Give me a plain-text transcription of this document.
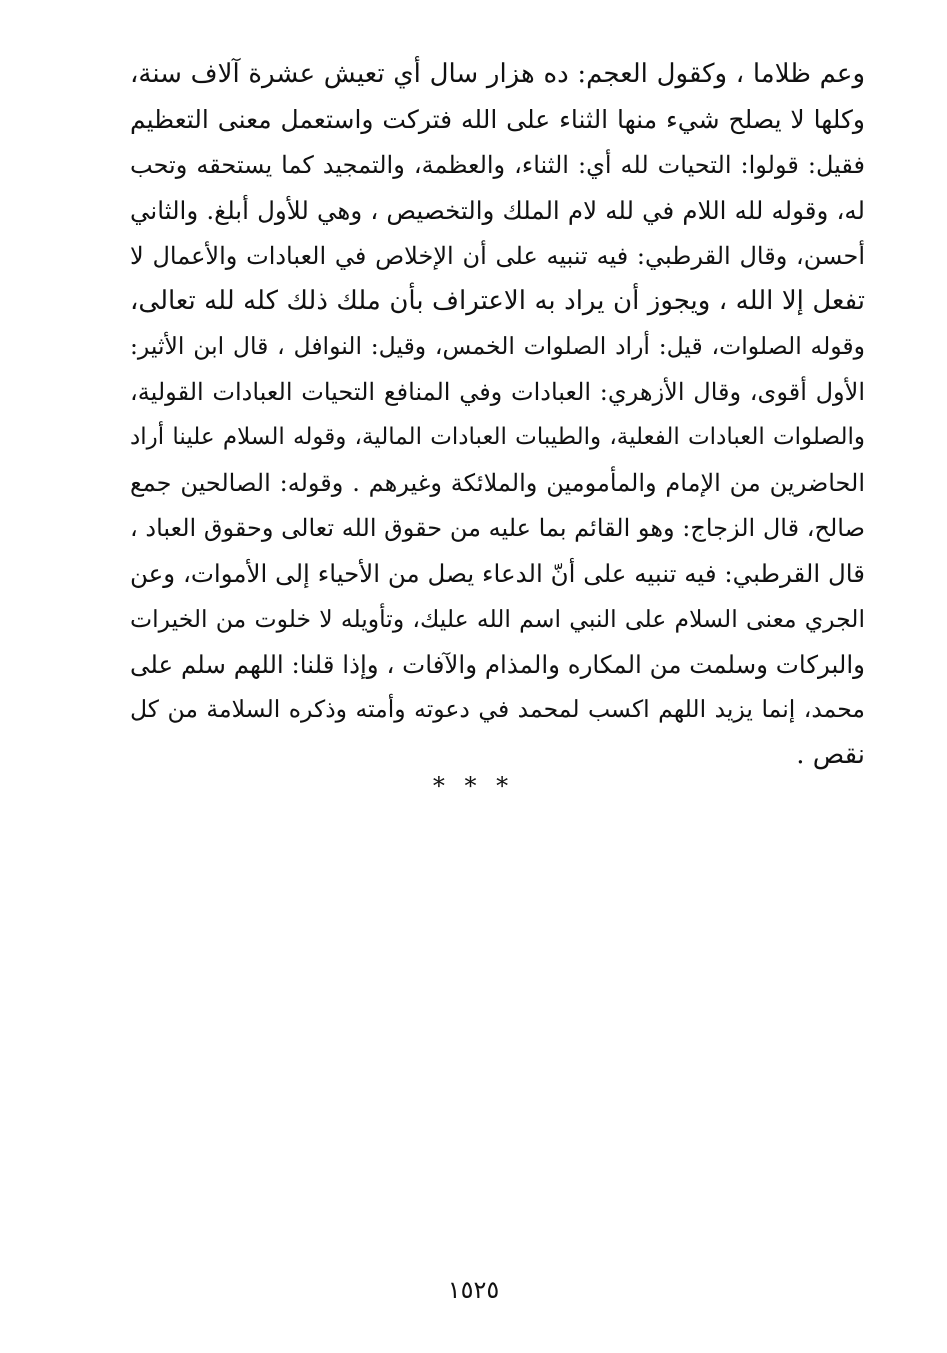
وعم ظلاما ، وكقول العجم: ده هزار سال أي تعيش عشرة آلاف سنة،
وكلها لا يصلح شيء منها الثناء على الله فتركت واستعمل معنى التعظيم
فقيل: قولوا: التحيات لله أي: الثناء، والعظمة، والتمجيد كما يستحقه وتحب
له، وقوله لله اللام في لله لام الملك والتخصيص ، وهي للأول أبلغ. والثاني
أحسن، وقال القرطبي: فيه تنبيه على أن الإخلاص في العبادات والأعمال لا
تفعل إلا الله ، ويجوز أن يراد به الاعتراف بأن ملك ذلك كله لله تعالى،
وقوله الصلوات، قيل: أراد الصلوات الخمس، وقيل: النوافل ، قال ابن الأثير:
الأول أقوى، وقال الأزهري: العبادات وفي المنافع التحيات العبادات القولية،
والصلوات العبادات الفعلية، والطيبات العبادات المالية، وقوله السلام علينا أراد
الحاضرين من الإمام والمأمومين والملائكة وغيرهم . وقوله: الصالحين جمع
صالح، قال الزجاج: وهو القائم بما عليه من حقوق الله تعالى وحقوق العباد ،
قال القرطبي: فيه تنبيه على أنّ الدعاء يصل من الأحياء إلى الأموات، وعن
الجري معنى السلام على النبي اسم الله عليك، وتأويله لا خلوت من الخيرات
والبركات وسلمت من المكاره والمذام والآفات ، وإذا قلنا: اللهم سلم على
محمد، إنما يزيد اللهم اكسب لمحمد في دعوته وأمته وذكره السلامة من كل
نقص .
* * *
١٥٢٥
